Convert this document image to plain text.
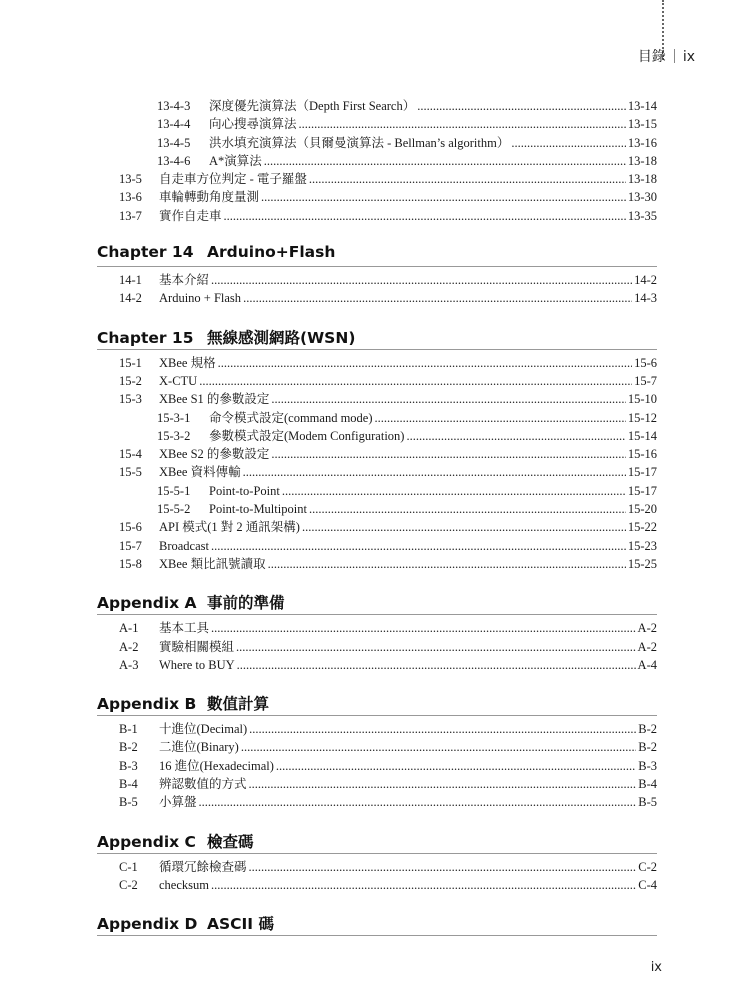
目錄 ix
13-4-3	深度優先演算法（Depth First Search） .....	13-14
13-4-4	向心搜尋演算法 .....	13-15
13-4-5	洪水填充演算法（貝爾曼演算法 - Bellman’s algorithm） .....	13-16
13-4-6	A*演算法 .....	13-18
13-5	自走車方位判定 - 電子羅盤 .....	13-18
13-6	車輪轉動角度量測 .....	13-30
13-7	實作自走車 .....	13-35
Chapter 14 Arduino+Flash
14-1	基本介紹 .....	14-2
14-2	Arduino + Flash .....	14-3
Chapter 15 無線感測網路(WSN)
15-1	XBee 規格 .....	15-6
15-2	X-CTU .....	15-7
15-3	XBee S1 的參數設定 .....	15-10
15-3-1	命令模式設定(command mode) .....	15-12
15-3-2	參數模式設定(Modem Configuration) .....	15-14
15-4	XBee S2 的參數設定 .....	15-16
15-5	XBee 資料傳輸 .....	15-17
15-5-1	Point-to-Point .....	15-17
15-5-2	Point-to-Multipoint .....	15-20
15-6	API 模式(1 對 2 通訊架構) .....	15-22
15-7	Broadcast .....	15-23
15-8	XBee 類比訊號讀取 .....	15-25
Appendix A 事前的準備
A-1	基本工具 .....	A-2
A-2	實驗相關模組 .....	A-2
A-3	Where to BUY .....	A-4
Appendix B 數值計算
B-1	十進位(Decimal) .....	B-2
B-2	二進位(Binary) .....	B-2
B-3	16 進位(Hexadecimal) .....	B-3
B-4	辨認數值的方式 .....	B-4
B-5	小算盤 .....	B-5
Appendix C 檢查碼
C-1	循環冗餘檢查碼 .....	C-2
C-2	checksum .....	C-4
Appendix D ASCII 碼
ix
